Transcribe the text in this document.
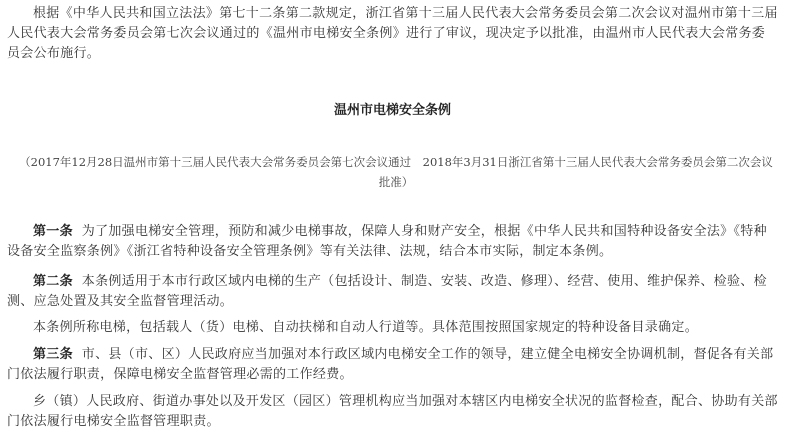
根据《中华人民共和国立法法》第七十二条第二款规定，浙江省第十三届人民代表大会常务委员会第二次会议对温州市第十三届人民代表大会常务委员会第七次会议通过的《温州市电梯安全条例》进行了审议，现决定予以批准，由温州市人民代表大会常务委员会公布施行。

温州市电梯安全条例

（2017年12月28日温州市第十三届人民代表大会常务委员会第七次会议通过　2018年3月31日浙江省第十三届人民代表大会常务委员会第二次会议批准）

第一条 为了加强电梯安全管理，预防和减少电梯事故，保障人身和财产安全，根据《中华人民共和国特种设备安全法》《特种设备安全监察条例》《浙江省特种设备安全管理条例》等有关法律、法规，结合本市实际，制定本条例。

第二条 本条例适用于本市行政区域内电梯的生产（包括设计、制造、安装、改造、修理）、经营、使用、维护保养、检验、检测、应急处置及其安全监督管理活动。

本条例所称电梯，包括载人（货）电梯、自动扶梯和自动人行道等。具体范围按照国家规定的特种设备目录确定。

第三条 市、县（市、区）人民政府应当加强对本行政区域内电梯安全工作的领导，建立健全电梯安全协调机制，督促各有关部门依法履行职责，保障电梯安全监督管理必需的工作经费。

乡（镇）人民政府、街道办事处以及开发区（园区）管理机构应当加强对本辖区内电梯安全状况的监督检查，配合、协助有关部门依法履行电梯安全监督管理职责。
